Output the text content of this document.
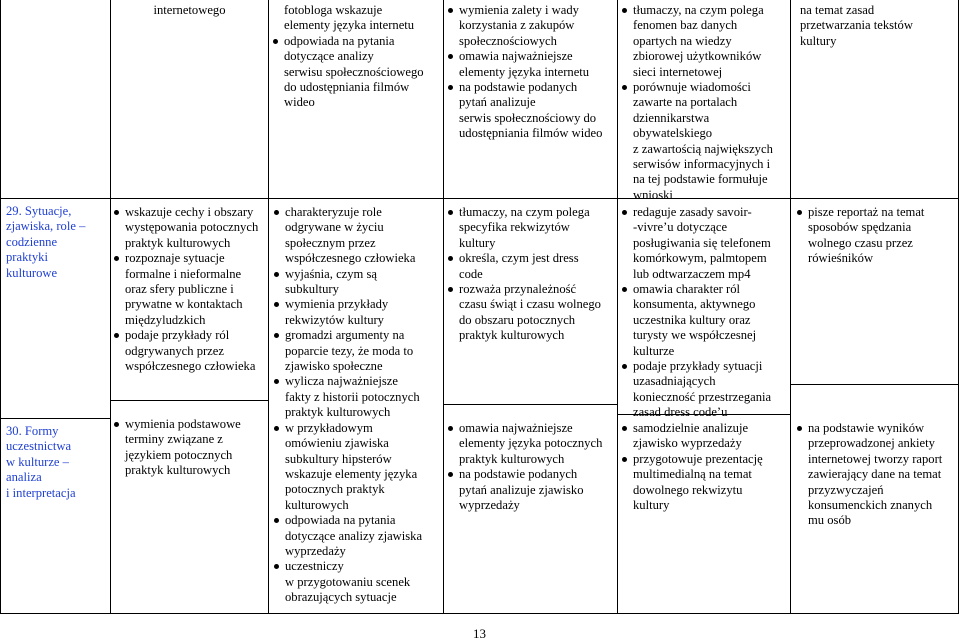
29. Sytuacje,
zjawiska, role –
codzienne
praktyki
kulturowe
30. Formy
uczestnictwa
w kulturze –
analiza
i interpretacja
internetowego
wskazuje cechy i obszary
występowania potocznych
praktyk kulturowych
rozpoznaje sytuacje
formalne i nieformalne
oraz sfery publiczne i
prywatne w kontaktach
międzyludzkich
podaje przykłady ról
odgrywanych przez
współczesnego człowieka
wymienia podstawowe
terminy związane z
językiem potocznych
praktyk kulturowych
fotobloga wskazuje
elementy języka internetu
odpowiada na pytania
dotyczące analizy
serwisu społecznościowego
do udostępniania filmów
wideo
charakteryzuje role
odgrywane w życiu
społecznym przez
współczesnego człowieka
wyjaśnia, czym są
subkultury
wymienia przykłady
rekwizytów kultury
gromadzi argumenty na
poparcie tezy, że moda to
zjawisko społeczne
wylicza najważniejsze
fakty z historii potocznych
praktyk kulturowych
w przykładowym
omówieniu zjawiska
subkultury hipsterów
wskazuje elementy języka
potocznych praktyk
kulturowych
odpowiada na pytania
dotyczące analizy zjawiska
wyprzedaży
uczestniczy
w przygotowaniu scenek
obrazujących sytuacje
wymienia zalety i wady
korzystania z zakupów
społecznościowych
omawia najważniejsze
elementy języka internetu
na podstawie podanych
pytań analizuje
serwis społecznościowy do
udostępniania filmów wideo
tłumaczy, na czym polega
specyfika rekwizytów
kultury
określa, czym jest dress
code
rozważa przynależność
czasu świąt i czasu wolnego
do obszaru potocznych
praktyk kulturowych
omawia najważniejsze
elementy języka potocznych
praktyk kulturowych
na podstawie podanych
pytań analizuje zjawisko
wyprzedaży
tłumaczy, na czym polega
fenomen baz danych
opartych na wiedzy
zbiorowej użytkowników
sieci internetowej
porównuje wiadomości
zawarte na portalach
dziennikarstwa
obywatelskiego
z zawartością największych
serwisów informacyjnych i
na tej podstawie formułuje
wnioski
redaguje zasady savoir-
-vivre’u dotyczące
posługiwania się telefonem
komórkowym, palmtopem
lub odtwarzaczem mp4
omawia charakter ról
konsumenta, aktywnego
uczestnika kultury oraz
turysty we współczesnej
kulturze
podaje przykłady sytuacji
uzasadniających
konieczność przestrzegania
zasad dress code’u
samodzielnie analizuje
zjawisko wyprzedaży
przygotowuje prezentację
multimedialną na temat
dowolnego rekwizytu
kultury
na temat zasad
przetwarzania tekstów
kultury
pisze reportaż na temat
sposobów spędzania
wolnego czasu przez
rówieśników
na podstawie wyników
przeprowadzonej ankiety
internetowej tworzy raport
zawierający dane na temat
przyzwyczajeń
konsumenckich znanych
mu osób
13
